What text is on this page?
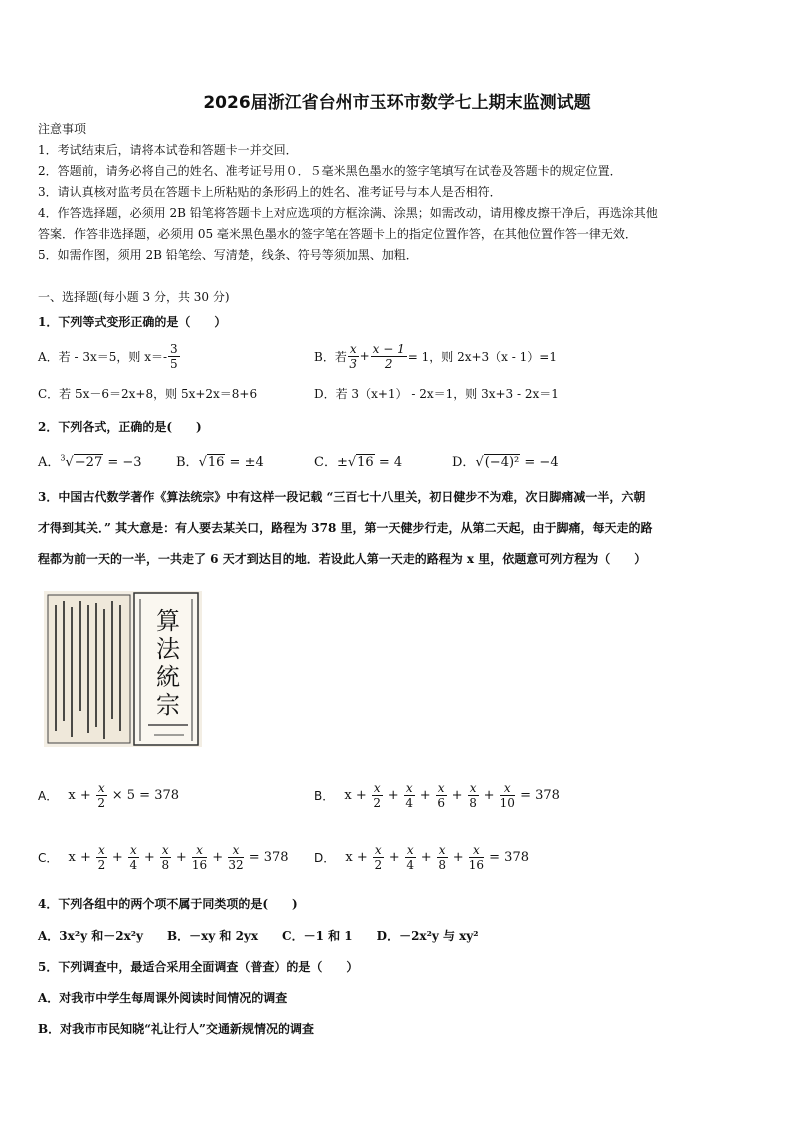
2026届浙江省台州市玉环市数学七上期末监测试题
注意事项
1．考试结束后，请将本试卷和答题卡一并交回．
2．答题前，请务必将自己的姓名、准考证号用０．５毫米黑色墨水的签字笔填写在试卷及答题卡的规定位置．
3．请认真核对监考员在答题卡上所粘贴的条形码上的姓名、准考证号与本人是否相符．
4．作答选择题，必须用 2B 铅笔将答题卡上对应选项的方框涂满、涂黑；如需改动，请用橡皮擦干净后，再选涂其他
答案．作答非选择题，必须用 05 毫米黑色墨水的签字笔在答题卡上的指定位置作答，在其他位置作答一律无效．
5．如需作图，须用 2B 铅笔绘、写清楚，线条、符号等须加黑、加粗．
一、选择题(每小题 3 分，共 30 分)
1．下列等式变形正确的是（　　）
A．若 - 3x＝5，则 $x=- \frac{3}{5}$	B．若 $\frac{x}{3} + \frac{x - 1}{2} = 1$，则 2x+3（x - 1）=1
C．若 5x－6＝2x+8，则 5x+2x＝8+6	D．若 3（x+1） - 2x＝1，则 3x+3 - 2x＝1
2．下列各式，正确的是(　　)
A．$^3$√−27 = −3	B．√16 = ±4	C．±√16 = 4	D．√(−4)² = −4
3．中国古代数学著作《算法统宗》中有这样一段记载 “三百七十八里关，初日健步不为难，次日脚痛减一半，六朝
才得到其关．” 其大意是：有人要去某关口，路程为 378 里，第一天健步行走，从第二天起，由于脚痛，每天走的路
程都为前一天的一半，一共走了 6 天才到达目的地．若设此人第一天走的路程为 x 里，依题意可列方程为（　　）
算
法
統
宗
A． $x + \frac{x}{2} \times 5 = 378$	B． $x + \frac{x}{2} + \frac{x}{4} + \frac{x}{6} + \frac{x}{8} + \frac{x}{10} = 378$
C． $x + \frac{x}{2} + \frac{x}{4} + \frac{x}{8} + \frac{x}{16} + \frac{x}{32} = 378$ D． $x + \frac{x}{2} + \frac{x}{4} + \frac{x}{8} + \frac{x}{16} = 378$
4．下列各组中的两个项不属于同类项的是(　　)
A．3x²y 和－2x²y　　B．－xy 和 2yx　　C．－1 和 1　　D．－2x²y 与 xy²
5．下列调查中，最适合采用全面调查（普查）的是（　　）
A．对我市中学生每周课外阅读时间情况的调查
B．对我市市民知晓“礼让行人”交通新规情况的调查
